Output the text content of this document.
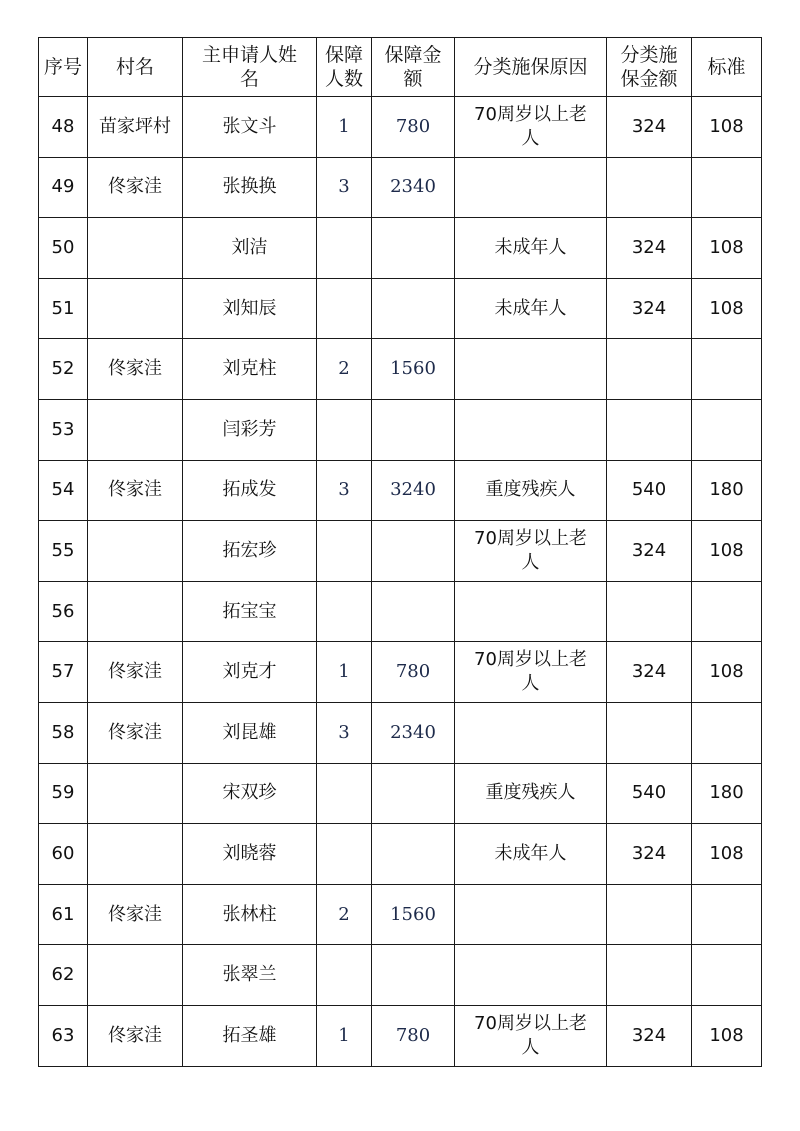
序号	村名	主申请人姓名	保障人数	保障金额	分类施保原因	分类施保金额	标准
48	苗家坪村	张文斗	1	780	70周岁以上老人	324	108
49	佟家洼	张换换	3	2340			
50		刘洁			未成年人	324	108
51		刘知辰			未成年人	324	108
52	佟家洼	刘克柱	2	1560			
53		闫彩芳					
54	佟家洼	拓成发	3	3240	重度残疾人	540	180
55		拓宏珍			70周岁以上老人	324	108
56		拓宝宝					
57	佟家洼	刘克才	1	780	70周岁以上老人	324	108
58	佟家洼	刘昆雄	3	2340			
59		宋双珍			重度残疾人	540	180
60		刘晓蓉			未成年人	324	108
61	佟家洼	张林柱	2	1560			
62		张翠兰					
63	佟家洼	拓圣雄	1	780	70周岁以上老人	324	108
